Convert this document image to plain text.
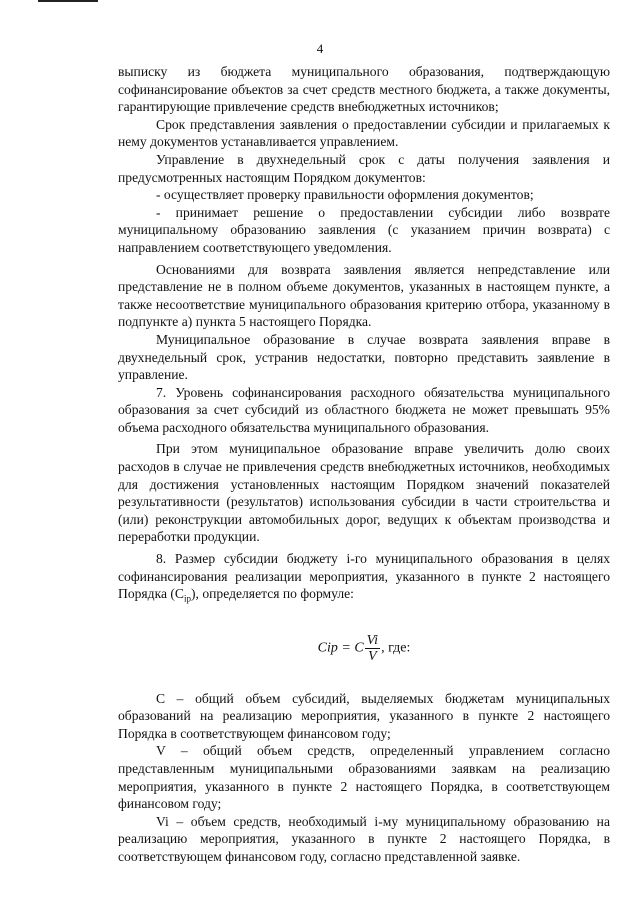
4

выписку из бюджета муниципального образования, подтверждающую софинансирование объектов за счет средств местного бюджета, а также документы, гарантирующие привлечение средств внебюджетных источников;

Срок представления заявления о предоставлении субсидии и прилагаемых к нему документов устанавливается управлением.

Управление в двухнедельный срок с даты получения заявления и предусмотренных настоящим Порядком документов:

- осуществляет проверку правильности оформления документов;

- принимает решение о предоставлении субсидии либо возврате муниципальному образованию заявления (с указанием причин возврата) с направлением соответствующего уведомления.

Основаниями для возврата заявления является непредставление или представление не в полном объеме документов, указанных в настоящем пункте, а также несоответствие муниципального образования критерию отбора, указанному в подпункте а) пункта 5 настоящего Порядка.

Муниципальное образование в случае возврата заявления вправе в двухнедельный срок, устранив недостатки, повторно представить заявление в управление.

7. Уровень софинансирования расходного обязательства муниципального образования за счет субсидий из областного бюджета не может превышать 95% объема расходного обязательства муниципального образования.

При этом муниципальное образование вправе увеличить долю своих расходов в случае не привлечения средств внебюджетных источников, необходимых для достижения установленных настоящим Порядком значений показателей результативности (результатов) использования субсидии в части строительства и (или) реконструкции автомобильных дорог, ведущих к объектам производства и переработки продукции.

8. Размер субсидии бюджету i-го муниципального образования в целях софинансирования реализации мероприятия, указанного в пункте 2 настоящего Порядка $(C_{ip})$, определяется по формуле:

Cip = C $\frac{Vi}{V}$ , где:

C – общий объем субсидий, выделяемых бюджетам муниципальных образований на реализацию мероприятия, указанного в пункте 2 настоящего Порядка в соответствующем финансовом году;

V – общий объем средств, определенный управлением согласно представленным муниципальными образованиями заявкам на реализацию мероприятия, указанного в пункте 2 настоящего Порядка, в соответствующем финансовом году;

Vi – объем средств, необходимый i-му муниципальному образованию на реализацию мероприятия, указанного в пункте 2 настоящего Порядка, в соответствующем финансовом году, согласно представленной заявке.
